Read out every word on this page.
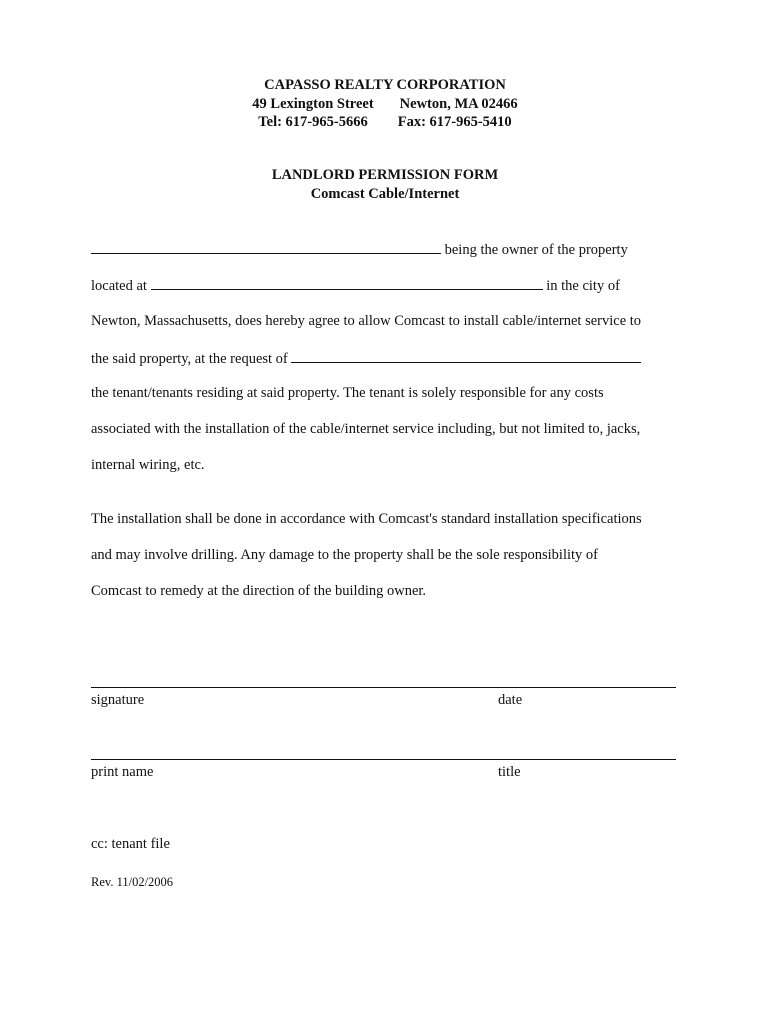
CAPASSO REALTY CORPORATION
49 Lexington Street Newton, MA 02466
Tel: 617-965-5666 Fax: 617-965-5410
LANDLORD PERMISSION FORM
Comcast Cable/Internet
being the owner of the property
located at	in the city of
Newton, Massachusetts, does hereby agree to allow Comcast to install cable/internet service to
the said property, at the request of
the tenant/tenants residing at said property. The tenant is solely responsible for any costs
associated with the installation of the cable/internet service including, but not limited to, jacks,
internal wiring, etc.
The installation shall be done in accordance with Comcast's standard installation specifications
and may involve drilling. Any damage to the property shall be the sole responsibility of
Comcast to remedy at the direction of the building owner.
signature	date
print name	title
cc: tenant file
Rev. 11/02/2006
